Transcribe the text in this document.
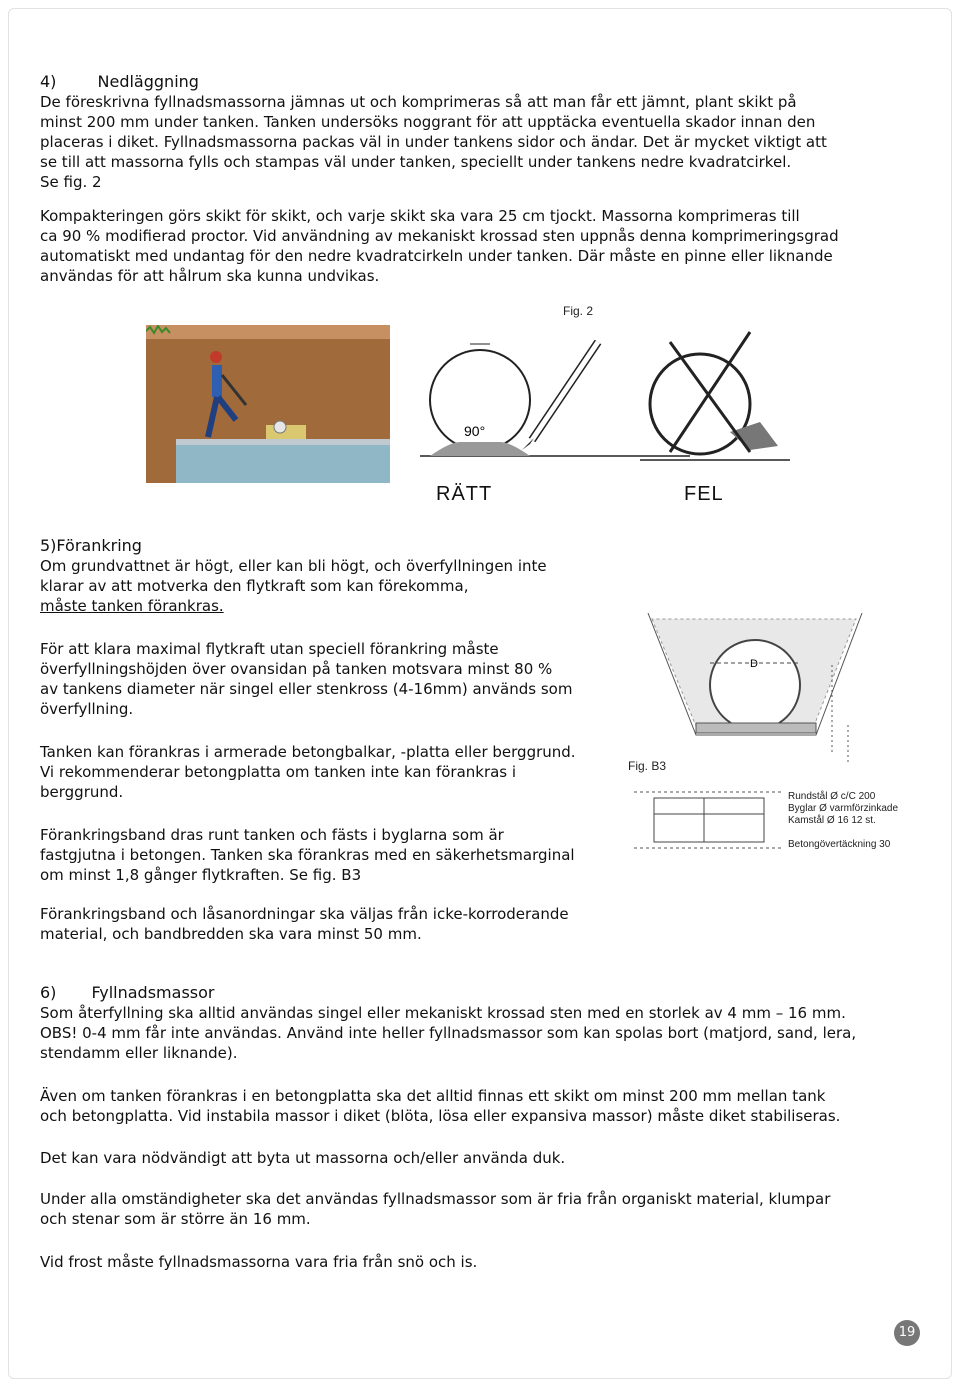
4)	Nedläggning
De föreskrivna fyllnadsmassorna jämnas ut och komprimeras så att man får ett jämnt, plant skikt på
minst 200 mm under tanken. Tanken undersöks noggrant för att upptäcka eventuella skador innan den
placeras i diket. Fyllnadsmassorna packas väl in under tankens sidor och ändar. Det är mycket viktigt att
se till att massorna fylls och stampas väl under tanken, speciellt under tankens nedre kvadratcirkel.
Se fig. 2
Kompakteringen görs skikt för skikt, och varje skikt ska vara 25 cm tjockt. Massorna komprimeras till
ca 90 % modifierad proctor. Vid användning av mekaniskt krossad sten uppnås denna komprimeringsgrad
automatiskt med undantag för den nedre kvadratcirkeln under tanken. Där måste en pinne eller liknande
användas för att hålrum ska kunna undvikas.
Fig. 2
90°
RÄTT	FEL
5)Förankring
Om grundvattnet är högt, eller kan bli högt, och överfyllningen inte
klarar av att motverka den flytkraft som kan förekomma,
måste tanken förankras.
För att klara maximal flytkraft utan speciell förankring måste
överfyllningshöjden över ovansidan på tanken motsvara minst 80 %
av tankens diameter när singel eller stenkross (4-16mm) används som
överfyllning.
Tanken kan förankras i armerade betongbalkar, -platta eller berggrund.
Vi rekommenderar betongplatta om tanken inte kan förankras i
berggrund.
Förankringsband dras runt tanken och fästs i byglarna som är
fastgjutna i betongen. Tanken ska förankras med en säkerhetsmarginal
om minst 1,8 gånger flytkraften. Se fig. B3
Förankringsband och låsanordningar ska väljas från icke-korroderande
material, och bandbredden ska vara minst 50 mm.
D
Fig. B3
Rundstål Ø c/C 200
Byglar Ø varmförzinkade
Kamstål Ø 16 12 st.
Betongövertäckning 30
6) Fyllnadsmassor
Som återfyllning ska alltid användas singel eller mekaniskt krossad sten med en storlek av 4 mm – 16 mm.
OBS! 0-4 mm får inte användas. Använd inte heller fyllnadsmassor som kan spolas bort (matjord, sand, lera,
stendamm eller liknande).
Även om tanken förankras i en betongplatta ska det alltid finnas ett skikt om minst 200 mm mellan tank
och betongplatta. Vid instabila massor i diket (blöta, lösa eller expansiva massor) måste diket stabiliseras.
Det kan vara nödvändigt att byta ut massorna och/eller använda duk.
Under alla omständigheter ska det användas fyllnadsmassor som är fria från organiskt material, klumpar
och stenar som är större än 16 mm.
Vid frost måste fyllnadsmassorna vara fria från snö och is.
19
